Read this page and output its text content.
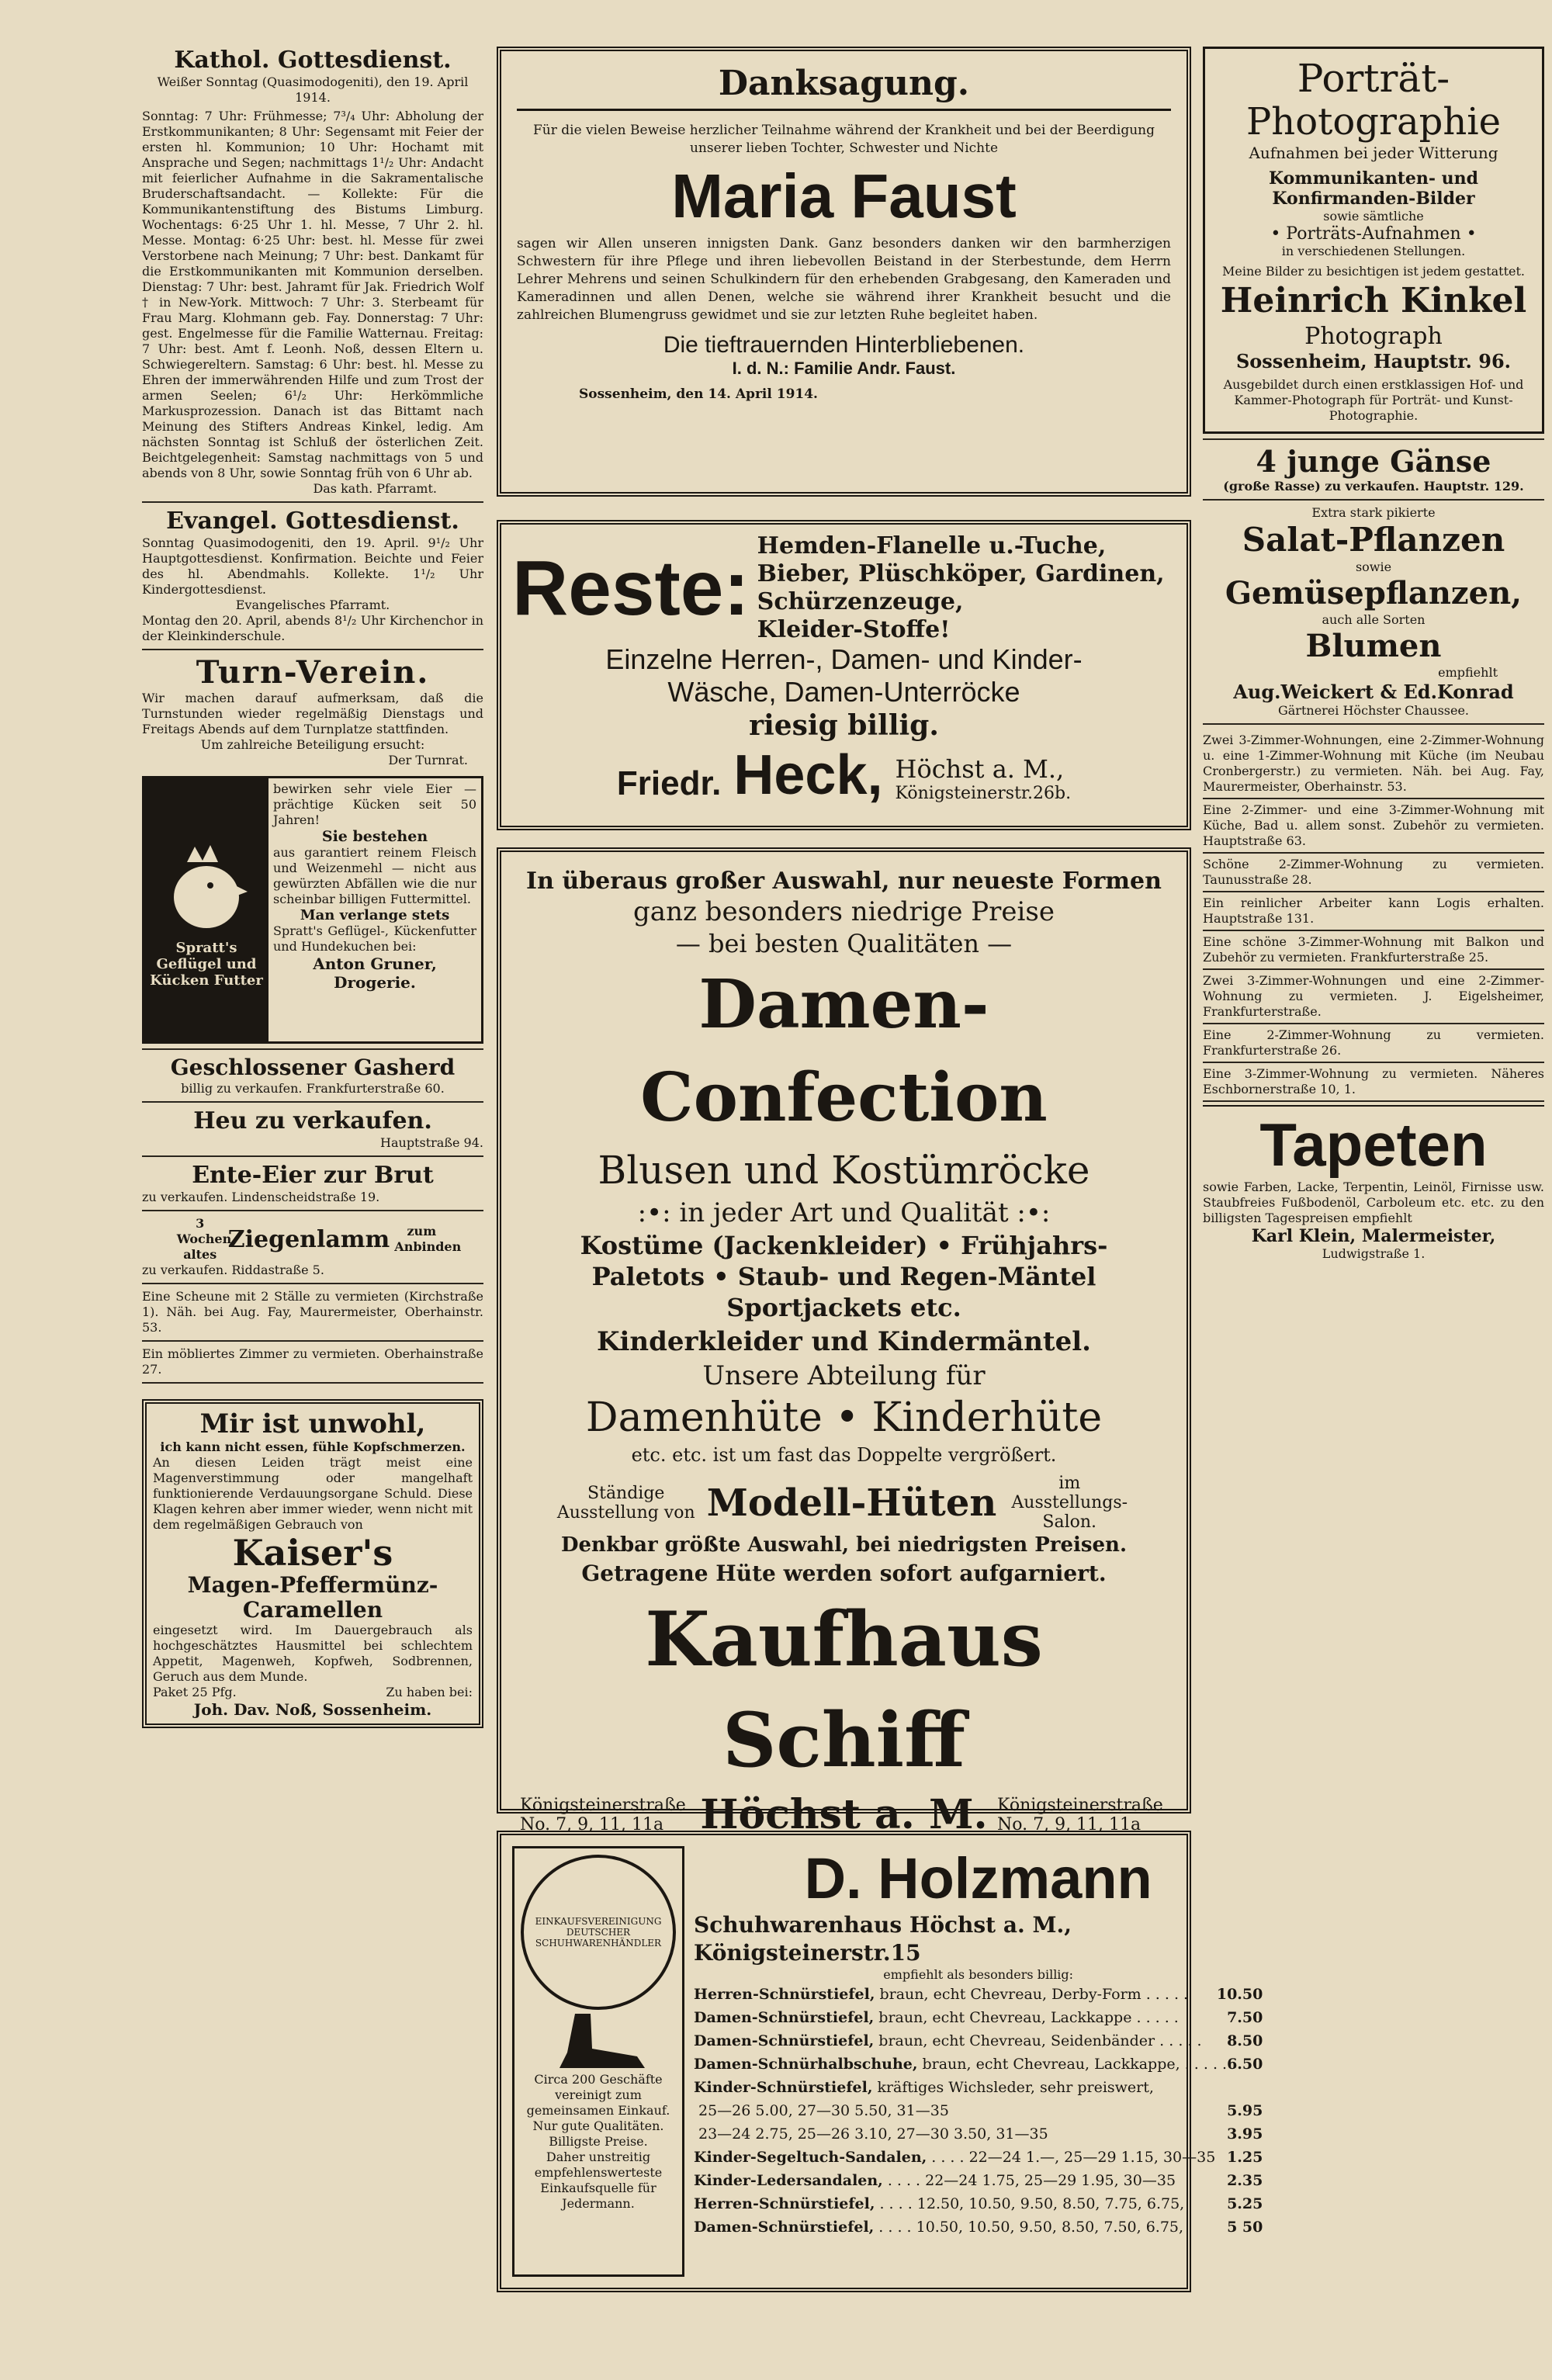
Kathol. Gottesdienst.
Weißer Sonntag (Quasimodogeniti), den 19. April 1914.
Sonntag: 7 Uhr: Frühmesse; 7³/₄ Uhr: Abholung der Erstkommunikanten; 8 Uhr: Segensamt mit Feier der ersten hl. Kommunion; 10 Uhr: Hochamt mit Ansprache und Segen; nachmittags 1¹/₂ Uhr: Andacht mit feierlicher Aufnahme in die Sakramentalische Bruderschaftsandacht. — Kollekte: Für die Kommunikantenstiftung des Bistums Limburg. Wochentags: 6·25 Uhr 1. hl. Messe, 7 Uhr 2. hl. Messe. Montag: 6·25 Uhr: best. hl. Messe für zwei Verstorbene nach Meinung; 7 Uhr: best. Dankamt für die Erstkommunikanten mit Kommunion derselben. Dienstag: 7 Uhr: best. Jahramt für Jak. Friedrich Wolf † in New-York. Mittwoch: 7 Uhr: 3. Sterbeamt für Frau Marg. Klohmann geb. Fay. Donnerstag: 7 Uhr: gest. Engelmesse für die Familie Watternau. Freitag: 7 Uhr: best. Amt f. Leonh. Noß, dessen Eltern u. Schwiegereltern. Samstag: 6 Uhr: best. hl. Messe zu Ehren der immerwährenden Hilfe und zum Trost der armen Seelen; 6¹/₂ Uhr: Herkömmliche Markusprozession. Danach ist das Bittamt nach Meinung des Stifters Andreas Kinkel, ledig. Am nächsten Sonntag ist Schluß der österlichen Zeit. Beichtgelegenheit: Samstag nachmittags von 5 und abends von 8 Uhr, sowie Sonntag früh von 6 Uhr ab.
Das kath. Pfarramt.
Evangel. Gottesdienst.
Sonntag Quasimodogeniti, den 19. April. 9¹/₂ Uhr Hauptgottesdienst. Konfirmation. Beichte und Feier des hl. Abendmahls. Kollekte. 1¹/₂ Uhr Kindergottesdienst.
Evangelisches Pfarramt.
Montag den 20. April, abends 8¹/₂ Uhr Kirchenchor in der Kleinkinderschule.
Turn-Verein.
Wir machen darauf aufmerksam, daß die Turnstunden wieder regelmäßig Dienstags und Freitags Abends auf dem Turnplatze stattfinden.
Um zahlreiche Beteiligung ersucht:
Der Turnrat.
Spratt's Geflügel und Kücken Futter
bewirken sehr viele Eier — prächtige Kücken seit 50 Jahren!
Sie bestehen
aus garantiert reinem Fleisch und Weizenmehl — nicht aus gewürzten Abfällen wie die nur scheinbar billigen Futtermittel.
Man verlange stets
Spratt's Geflügel-, Kückenfutter und Hundekuchen bei:
Anton Gruner, Drogerie.
Geschlossener Gasherd
billig zu verkaufen. Frankfurterstraße 60.
Heu zu verkaufen.
Hauptstraße 94.
Ente-Eier zur Brut
zu verkaufen. Lindenscheidstraße 19.
3 Wochen altes
Ziegenlamm	zum Anbinden
zu verkaufen. Riddastraße 5.
Eine Scheune mit 2 Ställe zu vermieten (Kirchstraße 1). Näh. bei Aug. Fay, Maurermeister, Oberhainstr. 53.
Ein möbliertes Zimmer zu vermieten. Oberhainstraße 27.
Mir ist unwohl,
ich kann nicht essen, fühle Kopfschmerzen.
An diesen Leiden trägt meist eine Magenverstimmung oder mangelhaft funktionierende Verdauungsorgane Schuld. Diese Klagen kehren aber immer wieder, wenn nicht mit dem regelmäßigen Gebrauch von
Kaiser's
Magen-Pfeffermünz-Caramellen
eingesetzt wird. Im Dauergebrauch als hochgeschätztes Hausmittel bei schlechtem Appetit, Magenweh, Kopfweh, Sodbrennen, Geruch aus dem Munde.
Paket 25 Pfg.	Zu haben bei:
Joh. Dav. Noß, Sossenheim.
Danksagung.
Für die vielen Beweise herzlicher Teilnahme während der Krankheit und bei der Beerdigung unserer lieben Tochter, Schwester und Nichte
Maria Faust
sagen wir Allen unseren innigsten Dank. Ganz besonders danken wir den barmherzigen Schwestern für ihre Pflege und ihren liebevollen Beistand in der Sterbestunde, dem Herrn Lehrer Mehrens und seinen Schulkindern für den erhebenden Grabgesang, den Kameraden und Kameradinnen und allen Denen, welche sie während ihrer Krankheit besucht und die zahlreichen Blumengruss gewidmet und sie zur letzten Ruhe begleitet haben.
Die tieftrauernden Hinterbliebenen.
I. d. N.: Familie Andr. Faust.
Sossenheim, den 14. April 1914.
Reste: Hemden-Flanelle u.-Tuche, Bieber, Plüschköper, Gardinen, Schürzenzeuge,
Kleider-Stoffe!
Einzelne Herren-, Damen- und Kinder-
Wäsche, Damen-Unterröcke
riesig billig.
Friedr. Heck, Höchst a. M.,
Königsteinerstr.26b.
In überaus großer Auswahl, nur neueste Formen
ganz besonders niedrige Preise
— bei besten Qualitäten —
Damen-Confection
Blusen und Kostümröcke
:•: in jeder Art und Qualität :•:
Kostüme (Jackenkleider) • Frühjahrs-
Paletots • Staub- und Regen-Mäntel
Sportjackets etc.
Kinderkleider und Kindermäntel.
Unsere Abteilung für
Damenhüte • Kinderhüte
etc. etc. ist um fast das Doppelte vergrößert.
Ständige Ausstellung von Modell-Hüten	im Ausstellungs-Salon.
Denkbar größte Auswahl, bei niedrigsten Preisen.
Getragene Hüte werden sofort aufgarniert.
Kaufhaus Schiff
Königsteinerstraße No. 7, 9, 11, 11a Höchst a. M. Königsteinerstraße No. 7, 9, 11, 11a
EINKAUFSVEREINIGUNG DEUTSCHER SCHUHWARENHÄNDLER
Circa 200 Geschäfte vereinigt zum gemeinsamen Einkauf.
Nur gute Qualitäten. Billigste Preise.
Daher unstreitig empfehlenswerteste Einkaufsquelle für Jedermann.
D. Holzmann
Schuhwarenhaus Höchst a. M., Königsteinerstr.15
empfiehlt als besonders billig:
Herren-Schnürstiefel, braun, echt Chevreau, Derby-Form . . . . .	10.50
Damen-Schnürstiefel, braun, echt Chevreau, Lackkappe . . . . .	7.50
Damen-Schnürstiefel, braun, echt Chevreau, Seidenbänder . . . . .	8.50
Damen-Schnürhalbschuhe, braun, echt Chevreau, Lackkappe, . . . . . 6.50
Kinder-Schnürstiefel, kräftiges Wichsleder, sehr preiswert,
25—26 5.00, 27—30 5.50, 31—35	5.95
23—24 2.75, 25—26 3.10, 27—30 3.50, 31—35	3.95
Kinder-Segeltuch-Sandalen, . . . . 22—24 1.—, 25—29 1.15, 30—35 1.25
Kinder-Ledersandalen, . . . . 22—24 1.75, 25—29 1.95, 30—35	2.35
Herren-Schnürstiefel, . . . . 12.50, 10.50, 9.50, 8.50, 7.75, 6.75,	5.25
Damen-Schnürstiefel, . . . . 10.50, 10.50, 9.50, 8.50, 7.50, 6.75,	5 50
Porträt-
Photographie
Aufnahmen bei jeder Witterung
Kommunikanten- und Konfirmanden-Bilder
sowie sämtliche
• Porträts-Aufnahmen •
in verschiedenen Stellungen.
Meine Bilder zu besichtigen ist jedem gestattet.
Heinrich Kinkel
Photograph
Sossenheim, Hauptstr. 96.
Ausgebildet durch einen erstklassigen Hof- und Kammer-Photograph für Porträt- und Kunst-Photographie.
4 junge Gänse
(große Rasse) zu verkaufen. Hauptstr. 129.
Extra stark pikierte
Salat-Pflanzen
sowie
Gemüsepflanzen,
auch alle Sorten
Blumen
empfiehlt
Aug.Weickert & Ed.Konrad
Gärtnerei Höchster Chaussee.
Zwei 3-Zimmer-Wohnungen, eine 2-Zimmer-Wohnung u. eine 1-Zimmer-Wohnung mit Küche (im Neubau Cronbergerstr.) zu vermieten. Näh. bei Aug. Fay, Maurermeister, Oberhainstr. 53.
Eine 2-Zimmer- und eine 3-Zimmer-Wohnung mit Küche, Bad u. allem sonst. Zubehör zu vermieten. Hauptstraße 63.
Schöne 2-Zimmer-Wohnung zu vermieten. Taunusstraße 28.
Ein reinlicher Arbeiter kann Logis erhalten. Hauptstraße 131.
Eine schöne 3-Zimmer-Wohnung mit Balkon und Zubehör zu vermieten. Frankfurterstraße 25.
Zwei 3-Zimmer-Wohnungen und eine 2-Zimmer-Wohnung zu vermieten. J. Eigelsheimer, Frankfurterstraße.
Eine 2-Zimmer-Wohnung zu vermieten. Frankfurterstraße 26.
Eine 3-Zimmer-Wohnung zu vermieten. Näheres Eschbornerstraße 10, 1.
Tapeten
sowie Farben, Lacke, Terpentin, Leinöl, Firnisse usw. Staubfreies Fußbodenöl, Carboleum etc. etc. zu den billigsten Tagespreisen empfiehlt
Karl Klein, Malermeister,
Ludwigstraße 1.
